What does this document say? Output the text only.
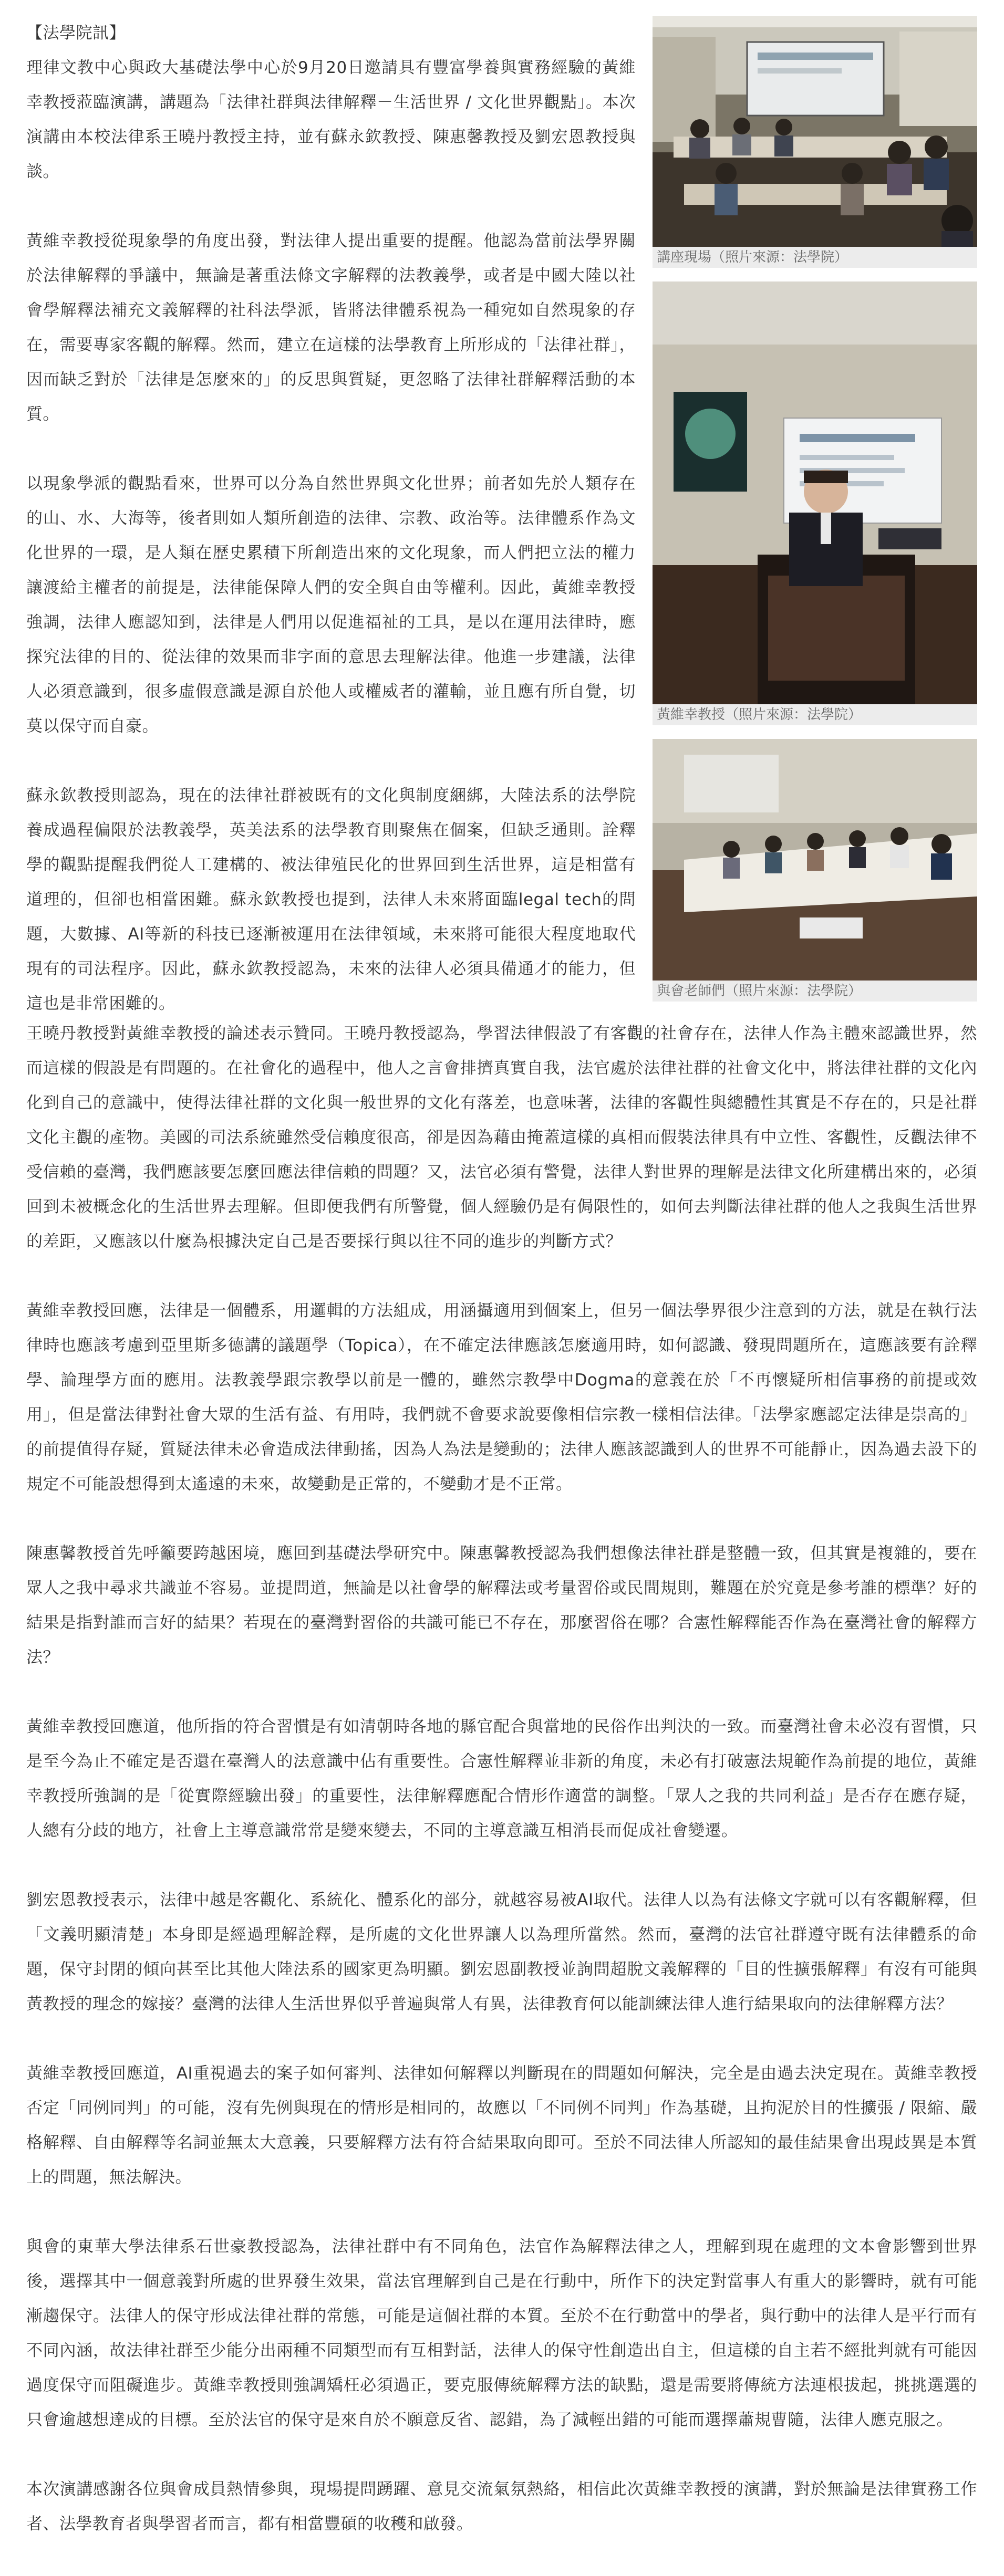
【法學院訊】
理律文教中心與政大基礎法學中心於9月20日邀請具有豐富學養與實務經驗的黃維幸教授蒞臨演講，講題為「法律社群與法律解釋－生活世界 / 文化世界觀點」。本次演講由本校法律系王曉丹教授主持，並有蘇永欽教授、陳惠馨教授及劉宏恩教授與談。

黃維幸教授從現象學的角度出發，對法律人提出重要的提醒。他認為當前法學界關於法律解釋的爭議中，無論是著重法條文字解釋的法教義學，或者是中國大陸以社會學解釋法補充文義解釋的社科法學派，皆將法律體系視為一種宛如自然現象的存在，需要專家客觀的解釋。然而，建立在這樣的法學教育上所形成的「法律社群」，因而缺乏對於「法律是怎麼來的」的反思與質疑，更忽略了法律社群解釋活動的本質。

以現象學派的觀點看來，世界可以分為自然世界與文化世界；前者如先於人類存在的山、水、大海等，後者則如人類所創造的法律、宗教、政治等。法律體系作為文化世界的一環，是人類在歷史累積下所創造出來的文化現象，而人們把立法的權力讓渡給主權者的前提是，法律能保障人們的安全與自由等權利。因此，黃維幸教授強調，法律人應認知到，法律是人們用以促進福祉的工具，是以在運用法律時，應探究法律的目的、從法律的效果而非字面的意思去理解法律。他進一步建議，法律人必須意識到，很多虛假意識是源自於他人或權威者的灌輸，並且應有所自覺，切莫以保守而自豪。

蘇永欽教授則認為，現在的法律社群被既有的文化與制度綑綁，大陸法系的法學院養成過程偏限於法教義學，英美法系的法學教育則聚焦在個案，但缺乏通則。詮釋學的觀點提醒我們從人工建構的、被法律殖民化的世界回到生活世界，這是相當有道理的，但卻也相當困難。蘇永欽教授也提到，法律人未來將面臨legal tech的問題，大數據、AI等新的科技已逐漸被運用在法律領域，未來將可能很大程度地取代現有的司法程序。因此，蘇永欽教授認為，未來的法律人必須具備通才的能力，但這也是非常困難的。

講座現場（照片來源：法學院）
黃維幸教授（照片來源：法學院）
與會老師們（照片來源：法學院）

王曉丹教授對黃維幸教授的論述表示贊同。王曉丹教授認為，學習法律假設了有客觀的社會存在，法律人作為主體來認識世界，然而這樣的假設是有問題的。在社會化的過程中，他人之言會排擠真實自我，法官處於法律社群的社會文化中，將法律社群的文化內化到自己的意識中，使得法律社群的文化與一般世界的文化有落差，也意味著，法律的客觀性與總體性其實是不存在的，只是社群文化主觀的產物。美國的司法系統雖然受信賴度很高，卻是因為藉由掩蓋這樣的真相而假裝法律具有中立性、客觀性，反觀法律不受信賴的臺灣，我們應該要怎麼回應法律信賴的問題？又，法官必須有警覺，法律人對世界的理解是法律文化所建構出來的，必須回到未被概念化的生活世界去理解。但即便我們有所警覺，個人經驗仍是有侷限性的，如何去判斷法律社群的他人之我與生活世界的差距，又應該以什麼為根據決定自己是否要採行與以往不同的進步的判斷方式？

黃維幸教授回應，法律是一個體系，用邏輯的方法組成，用涵攝適用到個案上，但另一個法學界很少注意到的方法，就是在執行法律時也應該考慮到亞里斯多德講的議題學（Topica），在不確定法律應該怎麼適用時，如何認識、發現問題所在，這應該要有詮釋學、論理學方面的應用。法教義學跟宗教學以前是一體的，雖然宗教學中Dogma的意義在於「不再懷疑所相信事務的前提或效用」，但是當法律對社會大眾的生活有益、有用時，我們就不會要求說要像相信宗教一樣相信法律。「法學家應認定法律是崇高的」的前提值得存疑，質疑法律未必會造成法律動搖，因為人為法是變動的；法律人應該認識到人的世界不可能靜止，因為過去設下的規定不可能設想得到太遙遠的未來，故變動是正常的，不變動才是不正常。

陳惠馨教授首先呼籲要跨越困境，應回到基礎法學研究中。陳惠馨教授認為我們想像法律社群是整體一致，但其實是複雜的，要在眾人之我中尋求共識並不容易。並提問道，無論是以社會學的解釋法或考量習俗或民間規則，難題在於究竟是參考誰的標準？好的結果是指對誰而言好的結果？若現在的臺灣對習俗的共識可能已不存在，那麼習俗在哪？合憲性解釋能否作為在臺灣社會的解釋方法？

黃維幸教授回應道，他所指的符合習慣是有如清朝時各地的縣官配合與當地的民俗作出判決的一致。而臺灣社會未必沒有習慣，只是至今為止不確定是否還在臺灣人的法意識中佔有重要性。合憲性解釋並非新的角度，未必有打破憲法規範作為前提的地位，黃維幸教授所強調的是「從實際經驗出發」的重要性，法律解釋應配合情形作適當的調整。「眾人之我的共同利益」是否存在應存疑，人總有分歧的地方，社會上主導意識常常是變來變去，不同的主導意識互相消長而促成社會變遷。

劉宏恩教授表示，法律中越是客觀化、系統化、體系化的部分，就越容易被AI取代。法律人以為有法條文字就可以有客觀解釋，但「文義明顯清楚」本身即是經過理解詮釋，是所處的文化世界讓人以為理所當然。然而，臺灣的法官社群遵守既有法律體系的命題，保守封閉的傾向甚至比其他大陸法系的國家更為明顯。劉宏恩副教授並詢問超脫文義解釋的「目的性擴張解釋」有沒有可能與黃教授的理念的嫁接？臺灣的法律人生活世界似乎普遍與常人有異，法律教育何以能訓練法律人進行結果取向的法律解釋方法？

黃維幸教授回應道，AI重視過去的案子如何審判、法律如何解釋以判斷現在的問題如何解決，完全是由過去決定現在。黃維幸教授否定「同例同判」的可能，沒有先例與現在的情形是相同的，故應以「不同例不同判」作為基礎，且拘泥於目的性擴張 / 限縮、嚴格解釋、自由解釋等名詞並無太大意義，只要解釋方法有符合結果取向即可。至於不同法律人所認知的最佳結果會出現歧異是本質上的問題，無法解決。

與會的東華大學法律系石世豪教授認為，法律社群中有不同角色，法官作為解釋法律之人，理解到現在處理的文本會影響到世界後，選擇其中一個意義對所處的世界發生效果，當法官理解到自己是在行動中，所作下的決定對當事人有重大的影響時，就有可能漸趨保守。法律人的保守形成法律社群的常態，可能是這個社群的本質。至於不在行動當中的學者，與行動中的法律人是平行而有不同內涵，故法律社群至少能分出兩種不同類型而有互相對話，法律人的保守性創造出自主，但這樣的自主若不經批判就有可能因過度保守而阻礙進步。黃維幸教授則強調矯枉必須過正，要克服傳統解釋方法的缺點，還是需要將傳統方法連根拔起，挑挑選選的只會逾越想達成的目標。至於法官的保守是來自於不願意反省、認錯，為了減輕出錯的可能而選擇蕭規曹隨，法律人應克服之。

本次演講感謝各位與會成員熱情參與，現場提問踴躍、意見交流氣氛熱絡，相信此次黃維幸教授的演講，對於無論是法律實務工作者、法學教育者與學習者而言，都有相當豐碩的收穫和啟發。
